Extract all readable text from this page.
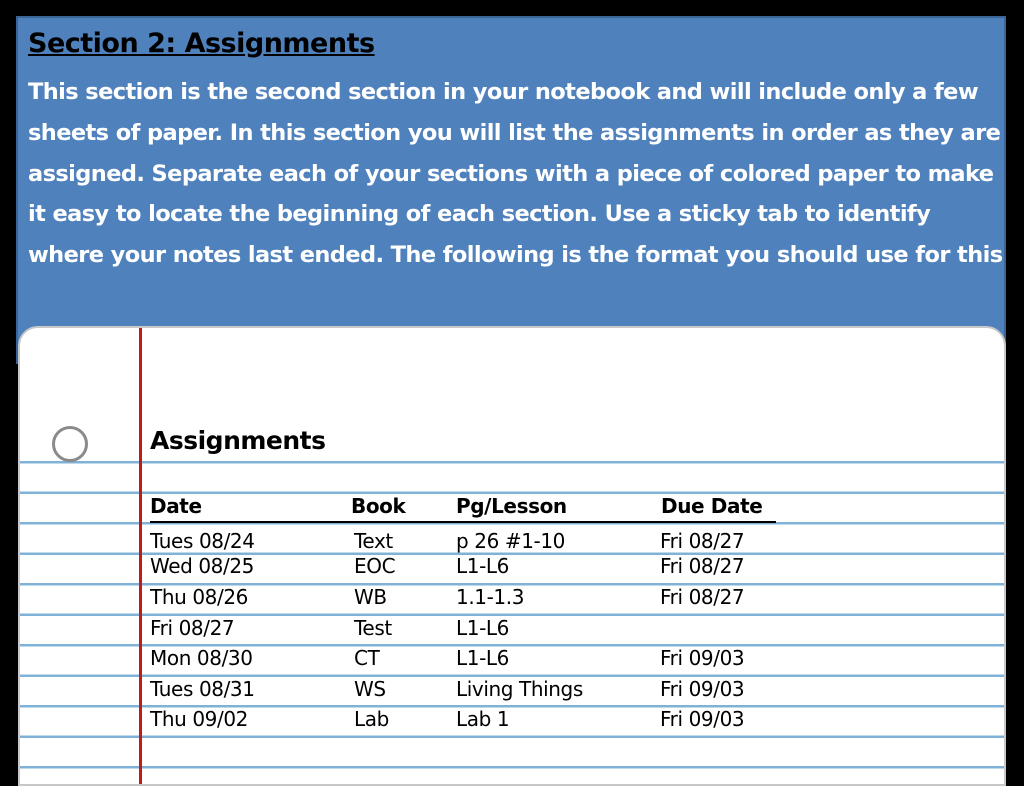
Section 2: Assignments

This section is the second section in your notebook and will include only a few sheets of paper. In this section you will list the assignments in order as they are assigned. Separate each of your sections with a piece of colored paper to make it easy to locate the beginning of each section. Use a sticky tab to identify where your notes last ended. The following is the format you should use for this

Assignments
Date	Book	Pg/Lesson	Due Date
Tues 08/24	Text	p 26 #1-10	Fri 08/27
Wed 08/25	EOC	L1-L6	Fri 08/27
Thu 08/26	WB	1.1-1.3	Fri 08/27
Fri 08/27	Test	L1-L6
Mon 08/30	CT	L1-L6	Fri 09/03
Tues 08/31	WS	Living Things	Fri 09/03
Thu 09/02	Lab	Lab 1	Fri 09/03
